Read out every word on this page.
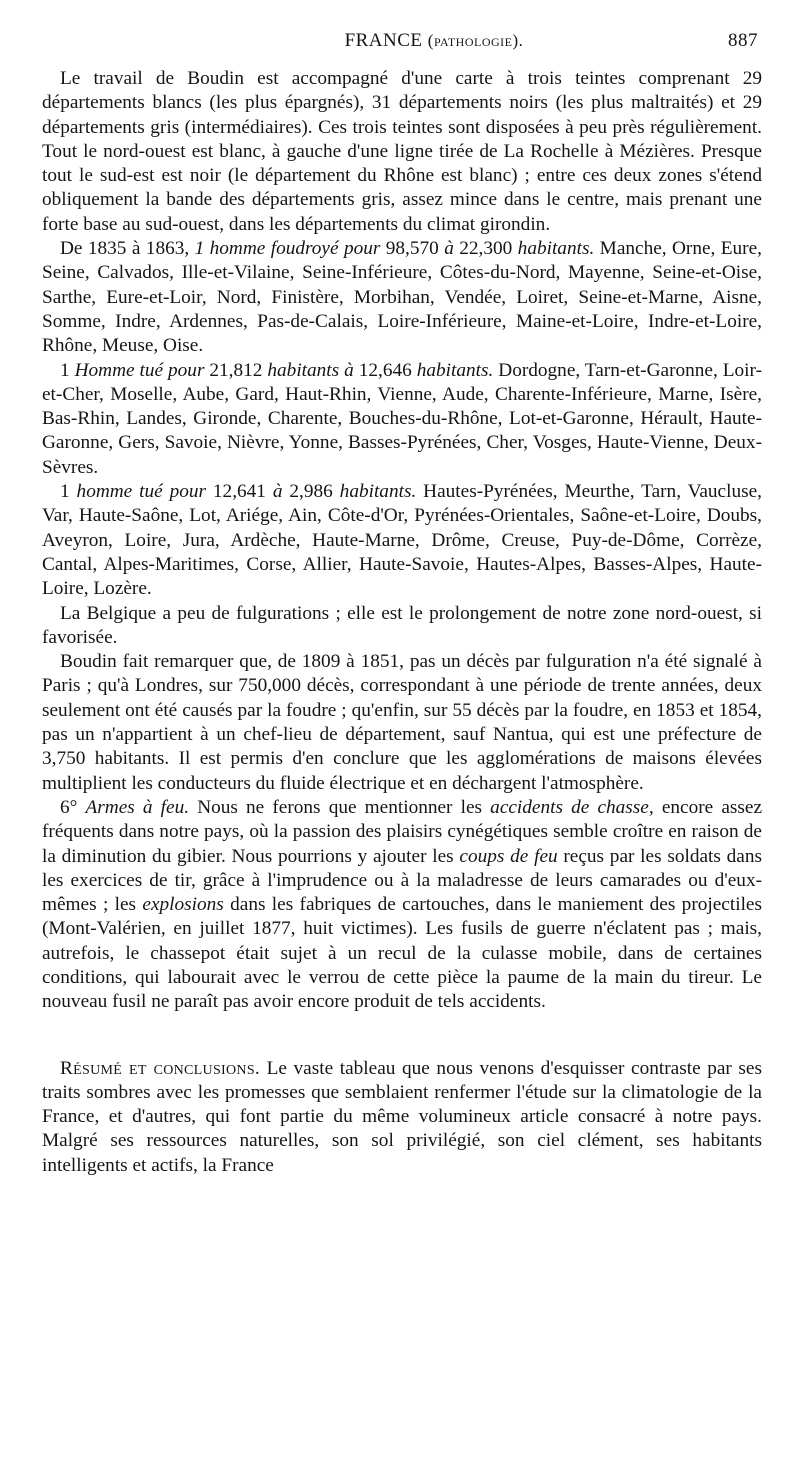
FRANCE (pathologie).	887

Le travail de Boudin est accompagné d'une carte à trois teintes comprenant 29 départements blancs (les plus épargnés), 31 départements noirs (les plus maltraités) et 29 départements gris (intermédiaires). Ces trois teintes sont disposées à peu près régulièrement. Tout le nord-ouest est blanc, à gauche d'une ligne tirée de La Rochelle à Mézières. Presque tout le sud-est est noir (le département du Rhône est blanc) ; entre ces deux zones s'étend obliquement la bande des départements gris, assez mince dans le centre, mais prenant une forte base au sud-ouest, dans les départements du climat girondin.

De 1835 à 1863, 1 homme foudroyé pour 98,570 à 22,300 habitants. Manche, Orne, Eure, Seine, Calvados, Ille-et-Vilaine, Seine-Inférieure, Côtes-du-Nord, Mayenne, Seine-et-Oise, Sarthe, Eure-et-Loir, Nord, Finistère, Morbihan, Vendée, Loiret, Seine-et-Marne, Aisne, Somme, Indre, Ardennes, Pas-de-Calais, Loire-Inférieure, Maine-et-Loire, Indre-et-Loire, Rhône, Meuse, Oise.

1 Homme tué pour 21,812 habitants à 12,646 habitants. Dordogne, Tarn-et-Garonne, Loir-et-Cher, Moselle, Aube, Gard, Haut-Rhin, Vienne, Aude, Charente-Inférieure, Marne, Isère, Bas-Rhin, Landes, Gironde, Charente, Bouches-du-Rhône, Lot-et-Garonne, Hérault, Haute-Garonne, Gers, Savoie, Nièvre, Yonne, Basses-Pyrénées, Cher, Vosges, Haute-Vienne, Deux-Sèvres.

1 homme tué pour 12,641 à 2,986 habitants. Hautes-Pyrénées, Meurthe, Tarn, Vaucluse, Var, Haute-Saône, Lot, Ariége, Ain, Côte-d'Or, Pyrénées-Orientales, Saône-et-Loire, Doubs, Aveyron, Loire, Jura, Ardèche, Haute-Marne, Drôme, Creuse, Puy-de-Dôme, Corrèze, Cantal, Alpes-Maritimes, Corse, Allier, Haute-Savoie, Hautes-Alpes, Basses-Alpes, Haute-Loire, Lozère.

La Belgique a peu de fulgurations ; elle est le prolongement de notre zone nord-ouest, si favorisée.

Boudin fait remarquer que, de 1809 à 1851, pas un décès par fulguration n'a été signalé à Paris ; qu'à Londres, sur 750,000 décès, correspondant à une période de trente années, deux seulement ont été causés par la foudre ; qu'enfin, sur 55 décès par la foudre, en 1853 et 1854, pas un n'appartient à un chef-lieu de département, sauf Nantua, qui est une préfecture de 3,750 habitants. Il est permis d'en conclure que les agglomérations de maisons élevées multiplient les conducteurs du fluide électrique et en déchargent l'atmosphère.

6° Armes à feu. Nous ne ferons que mentionner les accidents de chasse, encore assez fréquents dans notre pays, où la passion des plaisirs cynégétiques semble croître en raison de la diminution du gibier. Nous pourrions y ajouter les coups de feu reçus par les soldats dans les exercices de tir, grâce à l'imprudence ou à la maladresse de leurs camarades ou d'eux-mêmes ; les explosions dans les fabriques de cartouches, dans le maniement des projectiles (Mont-Valérien, en juillet 1877, huit victimes). Les fusils de guerre n'éclatent pas ; mais, autrefois, le chassepot était sujet à un recul de la culasse mobile, dans de certaines conditions, qui labourait avec le verrou de cette pièce la paume de la main du tireur. Le nouveau fusil ne paraît pas avoir encore produit de tels accidents.

Résumé et conclusions. Le vaste tableau que nous venons d'esquisser contraste par ses traits sombres avec les promesses que semblaient renfermer l'étude sur la climatologie de la France, et d'autres, qui font partie du même volumineux article consacré à notre pays. Malgré ses ressources naturelles, son sol privilégié, son ciel clément, ses habitants intelligents et actifs, la France
